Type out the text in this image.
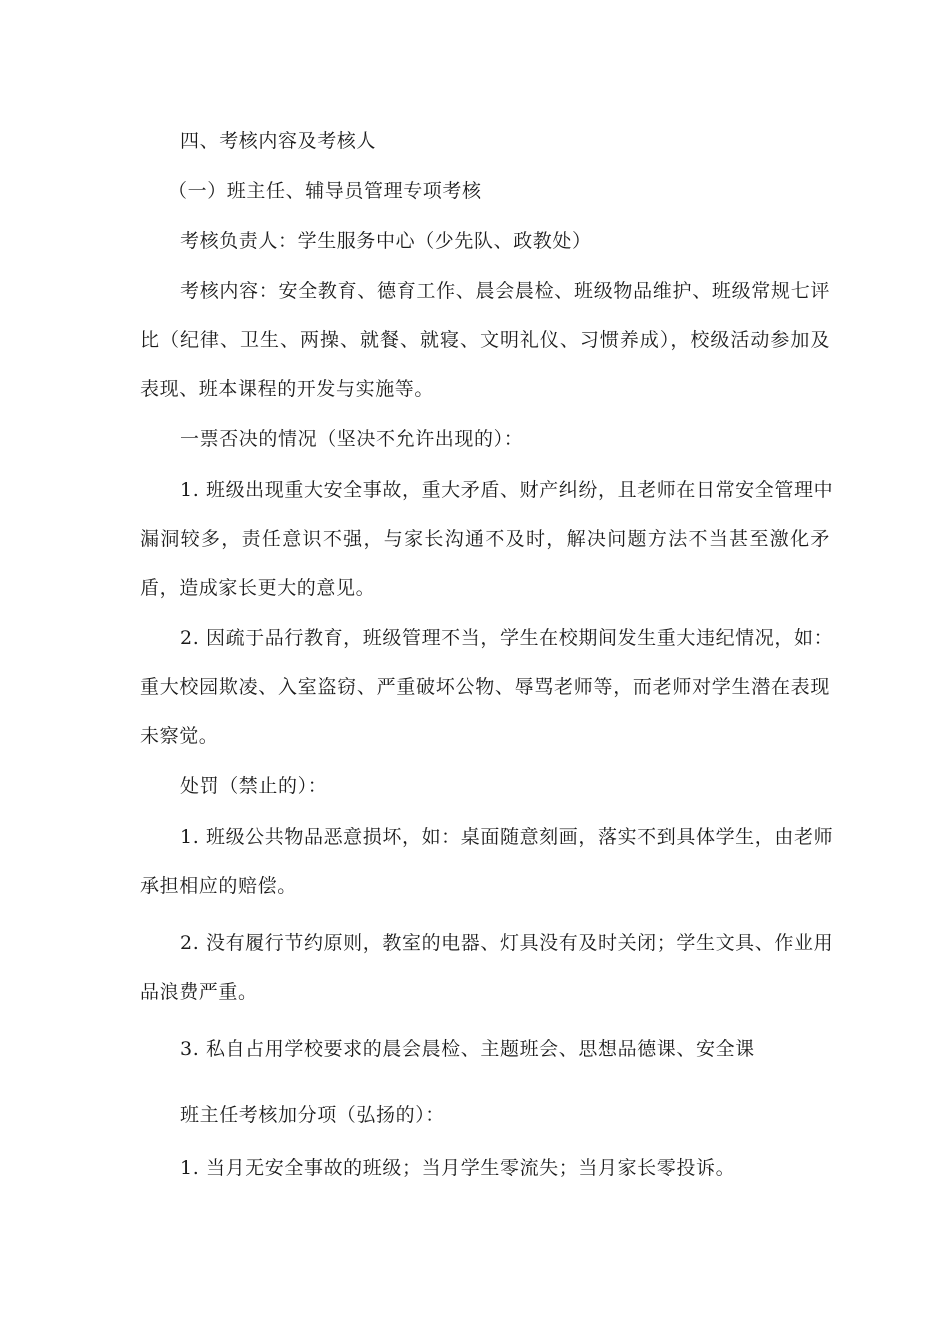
四、考核内容及考核人
（一）班主任、辅导员管理专项考核
考核负责人：学生服务中心（少先队、政教处）
考核内容：安全教育、德育工作、晨会晨检、班级物品维护、班级常规七评
比（纪律、卫生、两操、就餐、就寝、文明礼仪、习惯养成），校级活动参加及
表现、班本课程的开发与实施等。
一票否决的情况（坚决不允许出现的）：
1. 班级出现重大安全事故，重大矛盾、财产纠纷，且老师在日常安全管理中
漏洞较多，责任意识不强，与家长沟通不及时，解决问题方法不当甚至激化矛
盾，造成家长更大的意见。
2. 因疏于品行教育，班级管理不当，学生在校期间发生重大违纪情况，如：
重大校园欺凌、入室盗窃、严重破坏公物、辱骂老师等，而老师对学生潜在表现
未察觉。
处罚（禁止的）：
1. 班级公共物品恶意损坏，如：桌面随意刻画，落实不到具体学生，由老师
承担相应的赔偿。
2. 没有履行节约原则，教室的电器、灯具没有及时关闭；学生文具、作业用
品浪费严重。
3. 私自占用学校要求的晨会晨检、主题班会、思想品德课、安全课
班主任考核加分项（弘扬的）：
1. 当月无安全事故的班级；当月学生零流失；当月家长零投诉。
